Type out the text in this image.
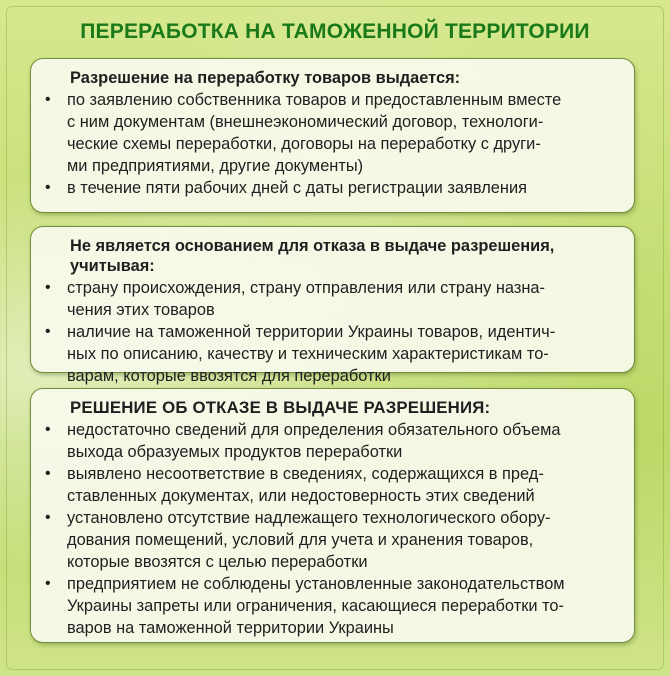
ПЕРЕРАБОТКА НА ТАМОЖЕННОЙ ТЕРРИТОРИИ
Разрешение на переработку товаров выдается:
• по заявлению собственника товаров и предоставленным вместе
с ним документам (внешнеэкономический договор, технологи-
ческие схемы переработки, договоры на переработку с други-
ми предприятиями, другие документы)
• в течение пяти рабочих дней с даты регистрации заявления
Не является основанием для отказа в выдаче разрешения, учитывая:
• страну происхождения, страну отправления или страну назна-
чения этих товаров
• наличие на таможенной территории Украины товаров, идентич-
ных по описанию, качеству и техническим характеристикам то-
варам, которые ввозятся для переработки
РЕШЕНИЕ ОБ ОТКАЗЕ В ВЫДАЧЕ РАЗРЕШЕНИЯ:
• недостаточно сведений для определения обязательного объема
выхода образуемых продуктов переработки
• выявлено несоответствие в сведениях, содержащихся в пред-
ставленных документах, или недостоверность этих сведений
• установлено отсутствие надлежащего технологического обору-
дования помещений, условий для учета и хранения товаров,
которые ввозятся с целью переработки
• предприятием не соблюдены установленные законодательством
Украины запреты или ограничения, касающиеся переработки то-
варов на таможенной территории Украины
